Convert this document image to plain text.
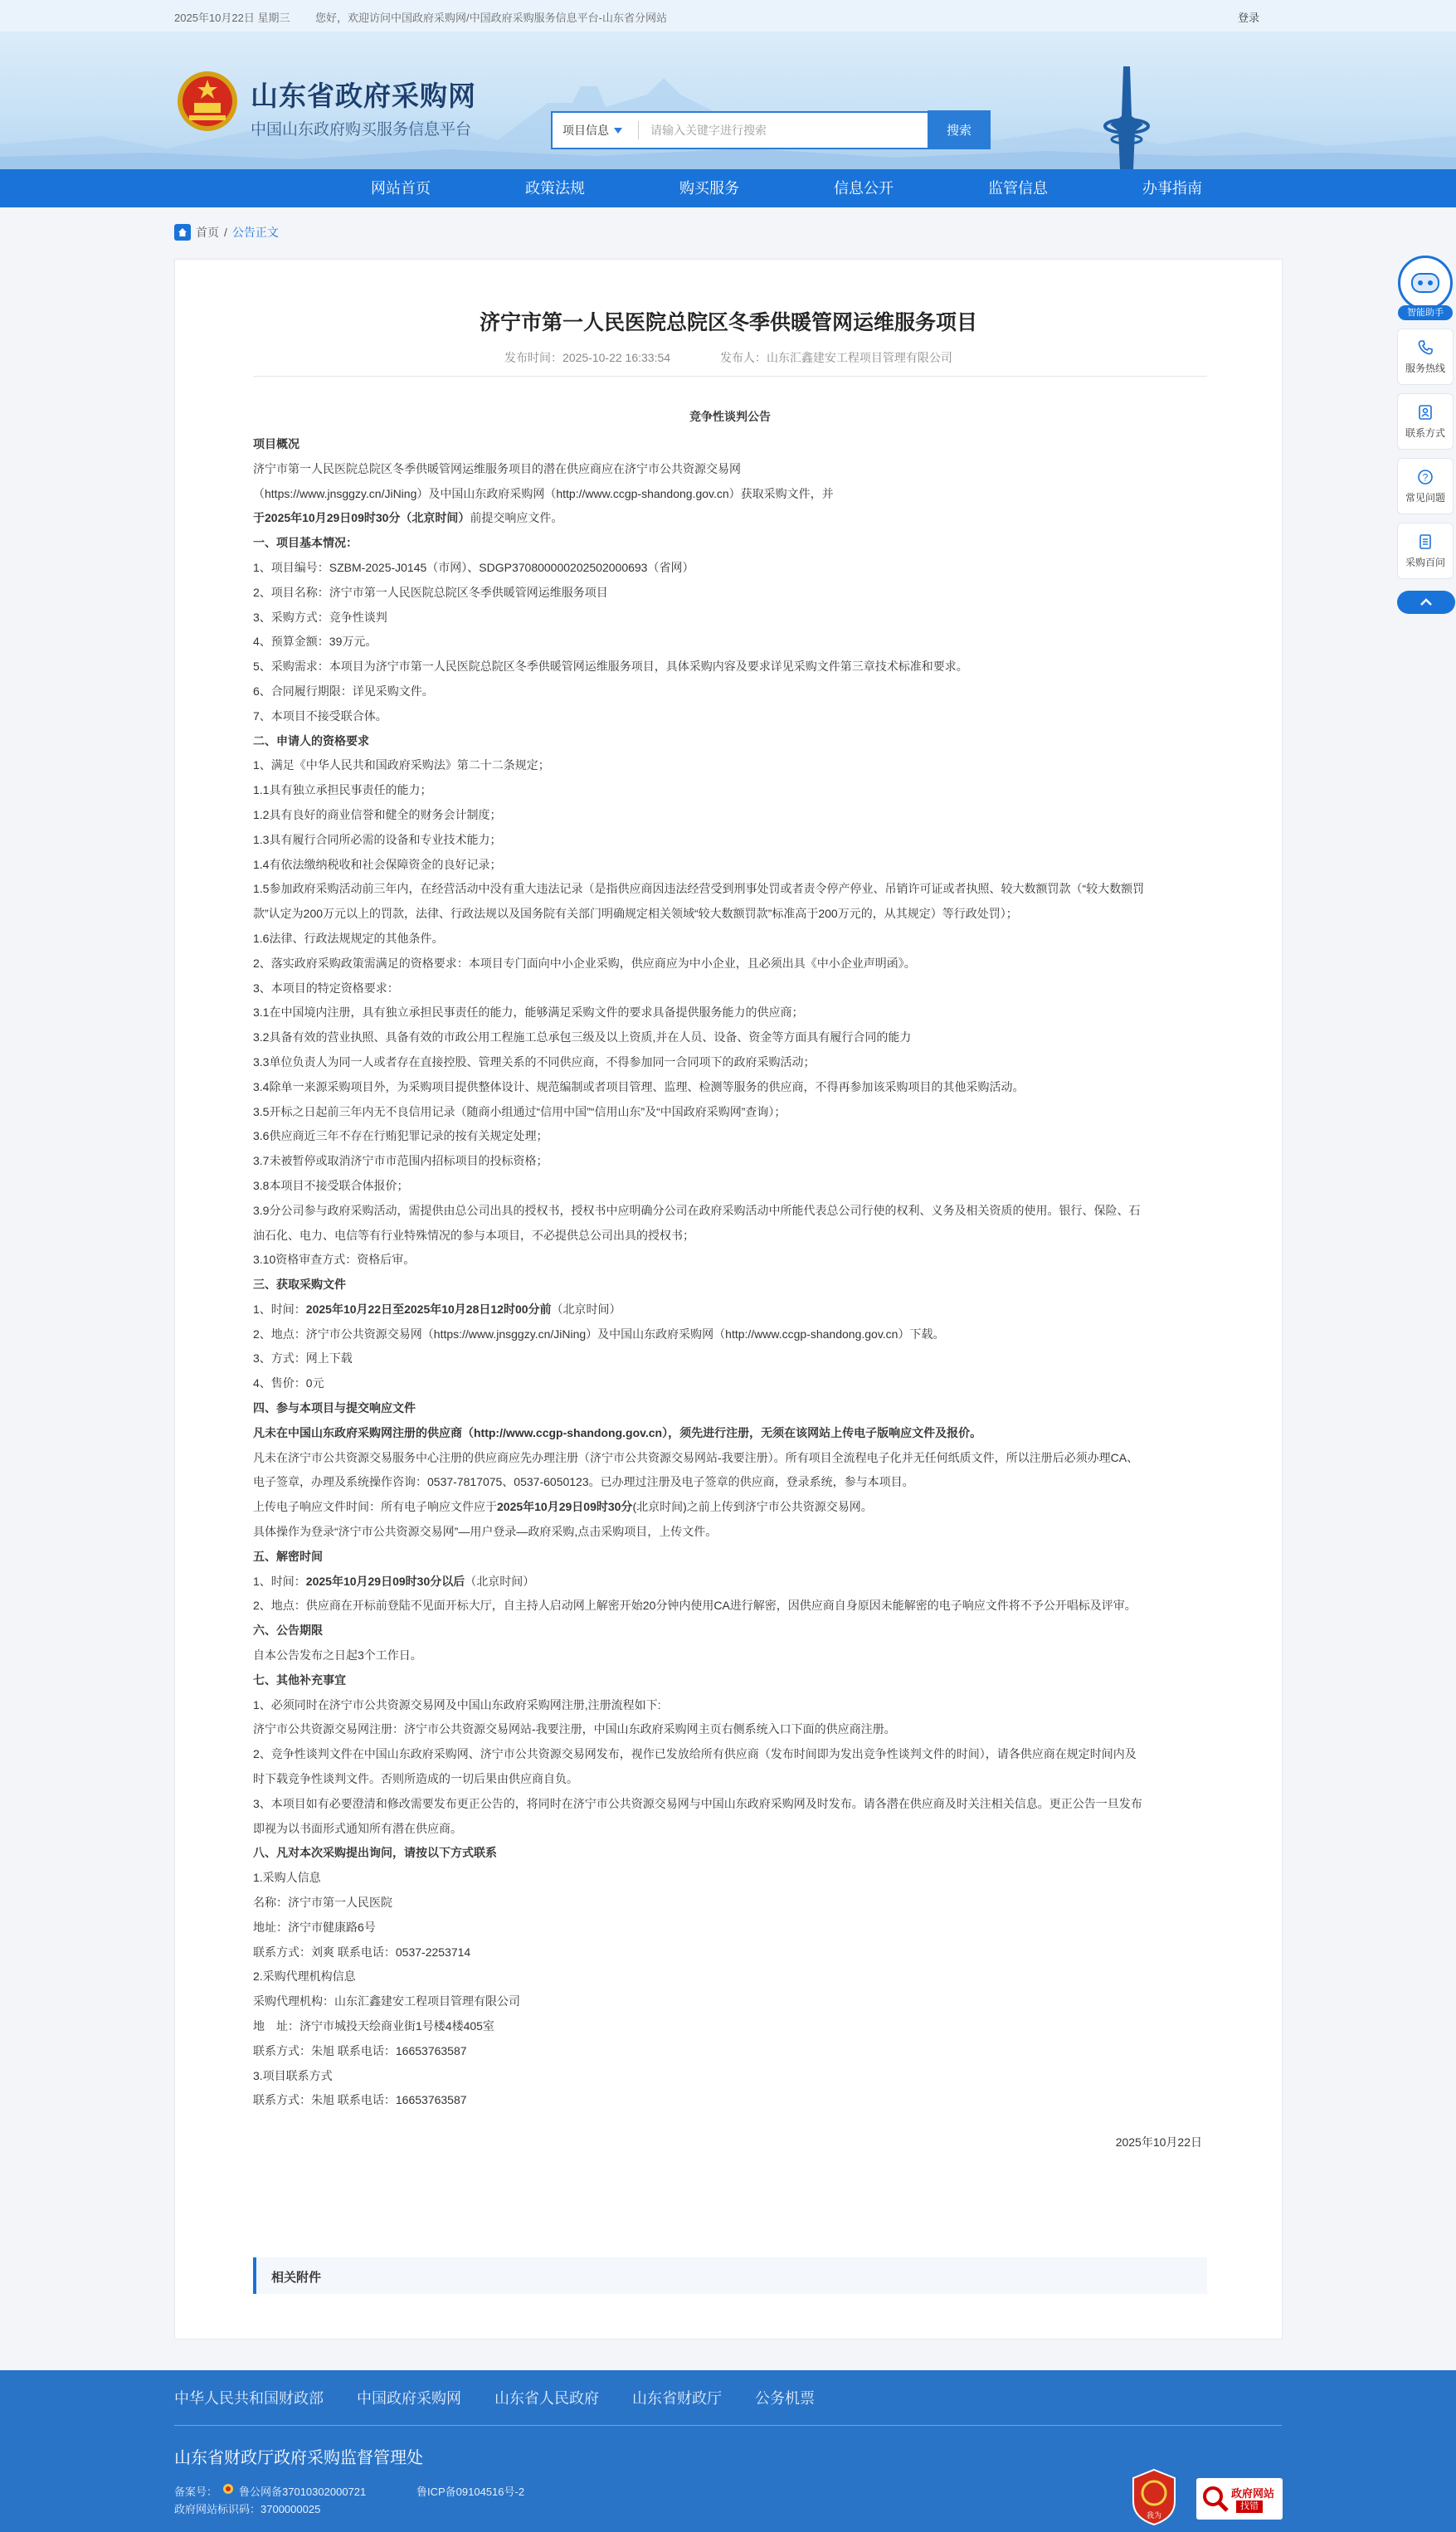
2025年10月22日 星期三 您好，欢迎访问中国政府采购网/中国政府采购服务信息平台-山东省分网站	登录
山东省政府采购网
中国山东政府购买服务信息平台	项目信息
请输入关键字进行搜索	搜索
网站首页	政策法规	购买服务	信息公开	监管信息	办事指南
首页 / 公告正文
济宁市第一人民医院总院区冬季供暖管网运维服务项目
发布时间：2025-10-22 16:33:54	发布人：山东汇鑫建安工程项目管理有限公司
竞争性谈判公告
项目概况
济宁市第一人民医院总院区冬季供暖管网运维服务项目的潜在供应商应在济宁市公共资源交易网
（https://www.jnsggzy.cn/JiNing）及中国山东政府采购网（http://www.ccgp-shandong.gov.cn）获取采购文件，并
于2025年10月29日09时30分（北京时间）前提交响应文件。
一、项目基本情况：
1、项目编号：SZBM-2025-J0145（市网）、SDGP370800000202502000693（省网）
2、项目名称：济宁市第一人民医院总院区冬季供暖管网运维服务项目
3、采购方式：竞争性谈判
4、预算金额：39万元。
5、采购需求：本项目为济宁市第一人民医院总院区冬季供暖管网运维服务项目，具体采购内容及要求详见采购文件第三章技术标准和要求。
6、合同履行期限：详见采购文件。
7、本项目不接受联合体。
二、申请人的资格要求
1、满足《中华人民共和国政府采购法》第二十二条规定；
1.1具有独立承担民事责任的能力；
1.2具有良好的商业信誉和健全的财务会计制度；
1.3具有履行合同所必需的设备和专业技术能力；
1.4有依法缴纳税收和社会保障资金的良好记录；
1.5参加政府采购活动前三年内，在经营活动中没有重大违法记录（是指供应商因违法经营受到刑事处罚或者责令停产停业、吊销许可证或者执照、较大数额罚款（“较大数额罚
款”认定为200万元以上的罚款，法律、行政法规以及国务院有关部门明确规定相关领域“较大数额罚款”标准高于200万元的，从其规定）等行政处罚）；
1.6法律、行政法规规定的其他条件。
2、落实政府采购政策需满足的资格要求：本项目专门面向中小企业采购，供应商应为中小企业，且必须出具《中小企业声明函》。
3、本项目的特定资格要求：
3.1在中国境内注册，具有独立承担民事责任的能力，能够满足采购文件的要求具备提供服务能力的供应商；
3.2具备有效的营业执照、具备有效的市政公用工程施工总承包三级及以上资质,并在人员、设备、资金等方面具有履行合同的能力
3.3单位负责人为同一人或者存在直接控股、管理关系的不同供应商，不得参加同一合同项下的政府采购活动；
3.4除单一来源采购项目外，为采购项目提供整体设计、规范编制或者项目管理、监理、检测等服务的供应商，不得再参加该采购项目的其他采购活动。
3.5开标之日起前三年内无不良信用记录（随商小组通过“信用中国”“信用山东”及“中国政府采购网”查询）；
3.6供应商近三年不存在行贿犯罪记录的按有关规定处理；
3.7未被暂停或取消济宁市市范围内招标项目的投标资格；
3.8本项目不接受联合体报价；
3.9分公司参与政府采购活动，需提供由总公司出具的授权书，授权书中应明确分公司在政府采购活动中所能代表总公司行使的权利、义务及相关资质的使用。银行、保险、石
油石化、电力、电信等有行业特殊情况的参与本项目，不必提供总公司出具的授权书；
3.10资格审查方式：资格后审。
三、获取采购文件
1、时间：2025年10月22日至2025年10月28日12时00分前（北京时间）
2、地点：济宁市公共资源交易网（https://www.jnsggzy.cn/JiNing）及中国山东政府采购网（http://www.ccgp-shandong.gov.cn）下载。
3、方式：网上下载
4、售价：0元
四、参与本项目与提交响应文件
凡未在中国山东政府采购网注册的供应商（http://www.ccgp-shandong.gov.cn），须先进行注册，无须在该网站上传电子版响应文件及报价。
凡未在济宁市公共资源交易服务中心注册的供应商应先办理注册（济宁市公共资源交易网站-我要注册）。所有项目全流程电子化并无任何纸质文件，所以注册后必须办理CA、
电子签章，办理及系统操作咨询：0537-7817075、0537-6050123。已办理过注册及电子签章的供应商，登录系统，参与本项目。
上传电子响应文件时间：所有电子响应文件应于2025年10月29日09时30分(北京时间)之前上传到济宁市公共资源交易网。
具体操作为登录“济宁市公共资源交易网”—用户登录—政府采购,点击采购项目，上传文件。
五、解密时间
1、时间：2025年10月29日09时30分以后（北京时间）
2、地点：供应商在开标前登陆不见面开标大厅，自主持人启动网上解密开始20分钟内使用CA进行解密，因供应商自身原因未能解密的电子响应文件将不予公开唱标及评审。
六、公告期限
自本公告发布之日起3个工作日。
七、其他补充事宜
1、必须同时在济宁市公共资源交易网及中国山东政府采购网注册,注册流程如下:
济宁市公共资源交易网注册：济宁市公共资源交易网站-我要注册，中国山东政府采购网主页右侧系统入口下面的供应商注册。
2、竞争性谈判文件在中国山东政府采购网、济宁市公共资源交易网发布，视作已发放给所有供应商（发布时间即为发出竞争性谈判文件的时间），请各供应商在规定时间内及
时下载竞争性谈判文件。否则所造成的一切后果由供应商自负。
3、本项目如有必要澄清和修改需要发布更正公告的，将同时在济宁市公共资源交易网与中国山东政府采购网及时发布。请各潜在供应商及时关注相关信息。更正公告一旦发布
即视为以书面形式通知所有潜在供应商。
八、凡对本次采购提出询问，请按以下方式联系
1.采购人信息
名称：济宁市第一人民医院
地址：济宁市健康路6号
联系方式：刘爽 联系电话：0537-2253714
2.采购代理机构信息
采购代理机构：山东汇鑫建安工程项目管理有限公司
地　址：济宁市城投天绘商业街1号楼4楼405室
联系方式：朱旭 联系电话：16653763587
3.项目联系方式
联系方式：朱旭 联系电话：16653763587
2025年10月22日
相关附件
智能助手
服务热线
联系方式
?
常见问题
采购百问
中华人民共和国财政部 中国政府采购网 山东省人民政府 山东省财政厅 公务机票
山东省财政厅政府采购监督管理处
备案号： 鲁公网备37010302000721	鲁ICP备09104516号-2
政府网站标识码：3700000025	我为
政府网站
找错
